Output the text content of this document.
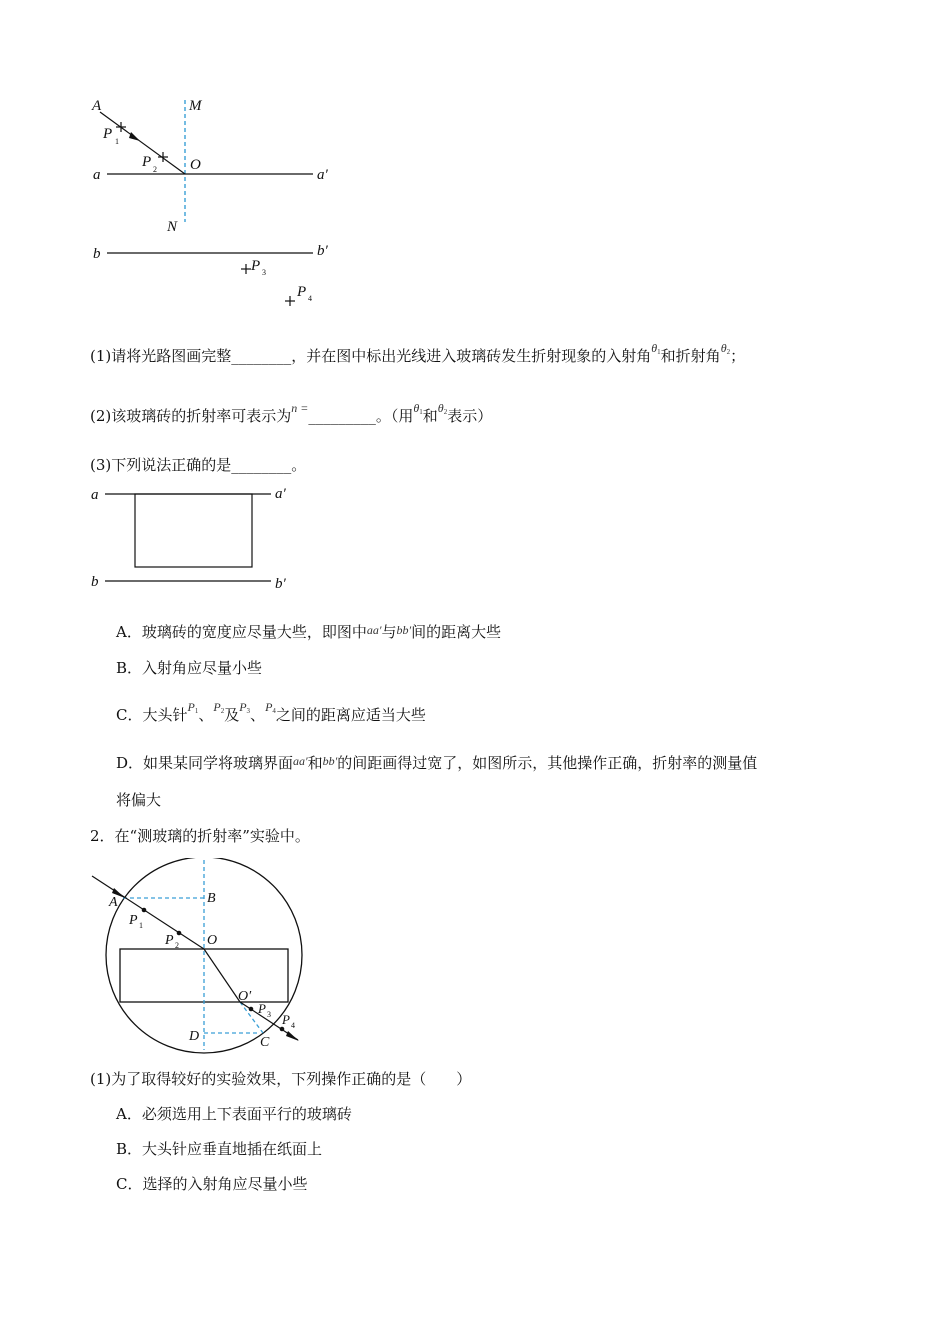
A	M
P 1
P 2 O
a	a′
N
b	b′
P 3
P 4
(1)请将光路图画完整________，并在图中标出光线进入玻璃砖发生折射现象的入射角$^{\theta 1}$和折射角$^{\theta 2}$；
(2)该玻璃砖的折射率可表示为$^{n =}$_________。（用$^{\theta 1}$和$^{\theta 2}$表示）
(3)下列说法正确的是________。
a	a′
b	b′
A．玻璃砖的宽度应尽量大些，即图中$^{aa'}$与$^{bb'}$间的距离大些
B．入射角应尽量小些
C．大头针$^{P1}$、$^{P2}$及$^{P3}$、$^{P4}$之间的距离应适当大些
D．如果某同学将玻璃界面$^{aa'}$和$^{bb'}$的间距画得过宽了，如图所示，其他操作正确，折射率的测量值
将偏大
2．在“测玻璃的折射率”实验中。
A	B
P 1
P 2 O
O′
P 3 P 4
D	C
(1)为了取得较好的实验效果，下列操作正确的是（　　）
A．必须选用上下表面平行的玻璃砖
B．大头针应垂直地插在纸面上
C．选择的入射角应尽量小些
